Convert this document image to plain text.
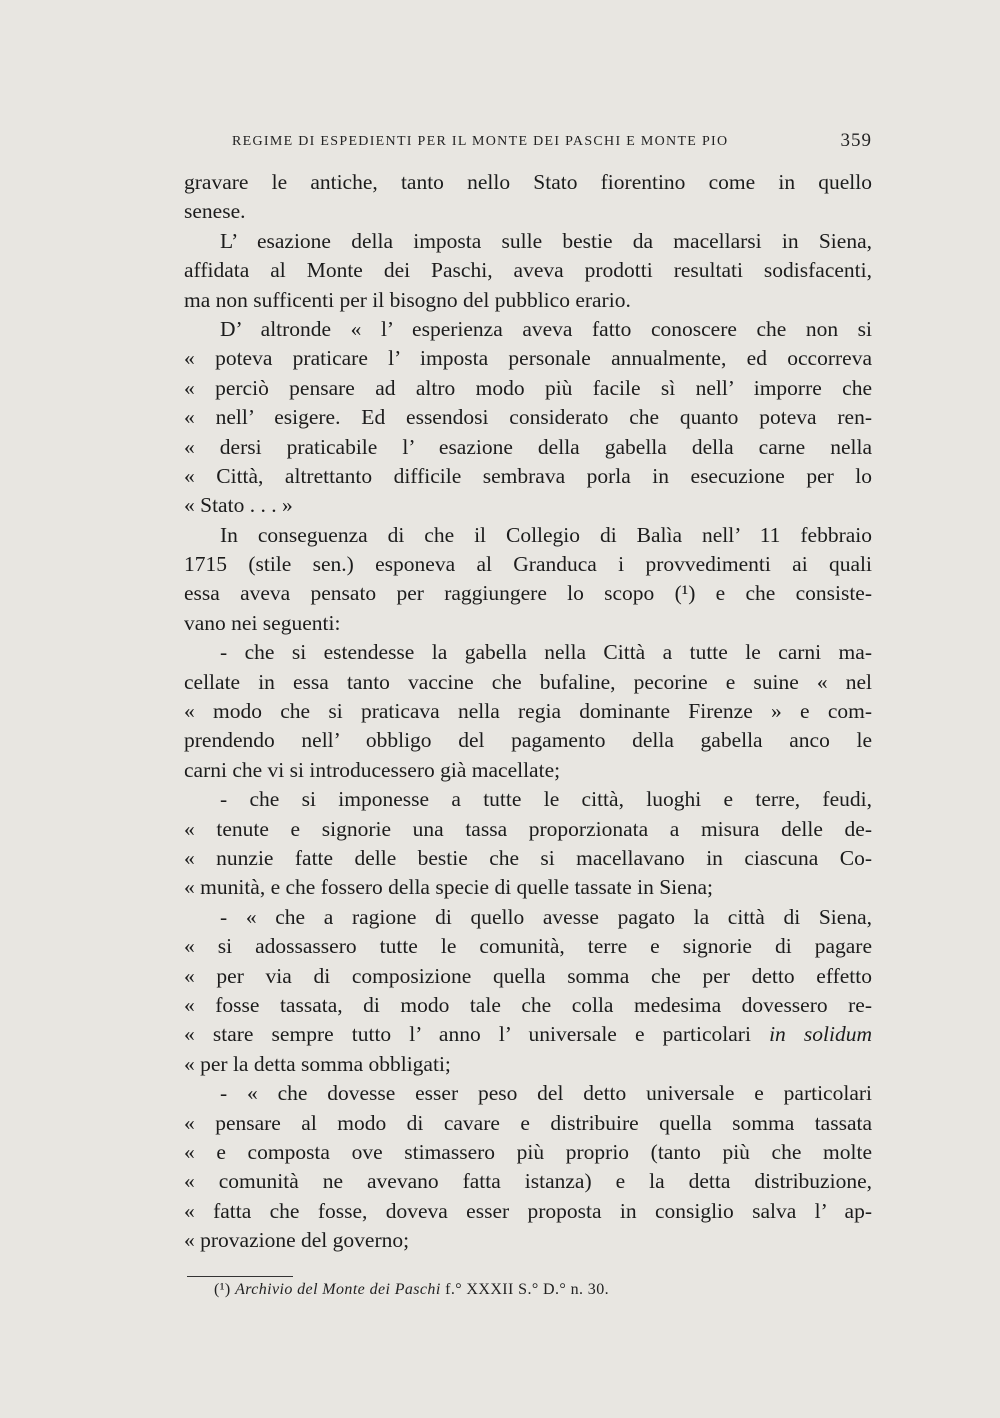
REGIME DI ESPEDIENTI PER IL MONTE DEI PASCHI E MONTE PIO	359
gravare le antiche, tanto nello Stato fiorentino come in quello
senese.
L’ esazione della imposta sulle bestie da macellarsi in Siena,
affidata al Monte dei Paschi, aveva prodotti resultati sodisfacenti,
ma non sufficenti per il bisogno del pubblico erario.
D’ altronde « l’ esperienza aveva fatto conoscere che non si
« poteva praticare l’ imposta personale annualmente, ed occorreva
« perciò pensare ad altro modo più facile sì nell’ imporre che
« nell’ esigere. Ed essendosi considerato che quanto poteva ren-
« dersi praticabile l’ esazione della gabella della carne nella
« Città, altrettanto difficile sembrava porla in esecuzione per lo
« Stato . . . »
In conseguenza di che il Collegio di Balìa nell’ 11 febbraio
1715 (stile sen.) esponeva al Granduca i provvedimenti ai quali
essa aveva pensato per raggiungere lo scopo (¹) e che consiste-
vano nei seguenti:
- che si estendesse la gabella nella Città a tutte le carni ma-
cellate in essa tanto vaccine che bufaline, pecorine e suine « nel
« modo che si praticava nella regia dominante Firenze » e com-
prendendo nell’ obbligo del pagamento della gabella anco le
carni che vi si introducessero già macellate;
- che si imponesse a tutte le città, luoghi e terre, feudi,
« tenute e signorie una tassa proporzionata a misura delle de-
« nunzie fatte delle bestie che si macellavano in ciascuna Co-
« munità, e che fossero della specie di quelle tassate in Siena;
- « che a ragione di quello avesse pagato la città di Siena,
« si adossassero tutte le comunità, terre e signorie di pagare
« per via di composizione quella somma che per detto effetto
« fosse tassata, di modo tale che colla medesima dovessero re-
« stare sempre tutto l’ anno l’ universale e particolari in solidum
« per la detta somma obbligati;
- « che dovesse esser peso del detto universale e particolari
« pensare al modo di cavare e distribuire quella somma tassata
« e composta ove stimassero più proprio (tanto più che molte
« comunità ne avevano fatta istanza) e la detta distribuzione,
« fatta che fosse, doveva esser proposta in consiglio salva l’ ap-
« provazione del governo;
(¹) Archivio del Monte dei Paschi f.° XXXII S.° D.° n. 30.
